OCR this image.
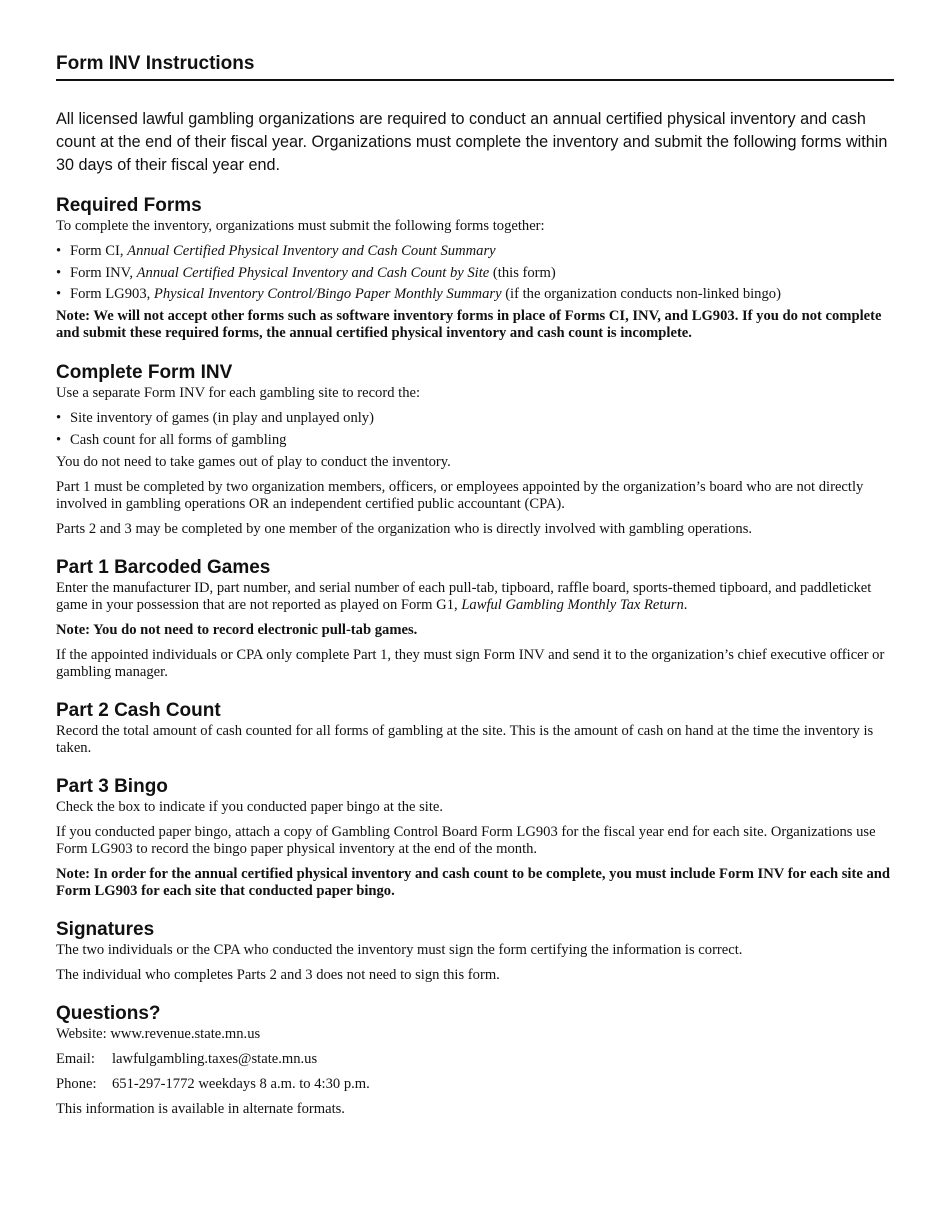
Form INV Instructions
All licensed lawful gambling organizations are required to conduct an annual certified physical inventory and cash count at the end of their fiscal year. Organizations must complete the inventory and submit the following forms within 30 days of their fiscal year end.
Required Forms

To complete the inventory, organizations must submit the following forms together:

• Form CI, Annual Certified Physical Inventory and Cash Count Summary
• Form INV, Annual Certified Physical Inventory and Cash Count by Site (this form)
• Form LG903, Physical Inventory Control/Bingo Paper Monthly Summary (if the organization conducts non-linked bingo)

Note: We will not accept other forms such as software inventory forms in place of Forms CI, INV, and LG903. If you do not complete and submit these required forms, the annual certified physical inventory and cash count is incomplete.

Complete Form INV

Use a separate Form INV for each gambling site to record the:

• Site inventory of games (in play and unplayed only)
• Cash count for all forms of gambling

You do not need to take games out of play to conduct the inventory.

Part 1 must be completed by two organization members, officers, or employees appointed by the organization’s board who are not directly involved in gambling operations OR an independent certified public accountant (CPA).

Parts 2 and 3 may be completed by one member of the organization who is directly involved with gambling operations.

Part 1 Barcoded Games

Enter the manufacturer ID, part number, and serial number of each pull-tab, tipboard, raffle board, sports-themed tipboard, and paddleticket game in your possession that are not reported as played on Form G1, Lawful Gambling Monthly Tax Return.

Note: You do not need to record electronic pull-tab games.

If the appointed individuals or CPA only complete Part 1, they must sign Form INV and send it to the organization’s chief executive officer or gambling manager.

Part 2 Cash Count

Record the total amount of cash counted for all forms of gambling at the site. This is the amount of cash on hand at the time the inventory is taken.

Part 3 Bingo

Check the box to indicate if you conducted paper bingo at the site.

If you conducted paper bingo, attach a copy of Gambling Control Board Form LG903 for the fiscal year end for each site. Organizations use Form LG903 to record the bingo paper physical inventory at the end of the month.

Note: In order for the annual certified physical inventory and cash count to be complete, you must include Form INV for each site and Form LG903 for each site that conducted paper bingo.

Signatures

The two individuals or the CPA who conducted the inventory must sign the form certifying the information is correct.

The individual who completes Parts 2 and 3 does not need to sign this form.

Questions?

Website: www.revenue.state.mn.us

Email:	lawfulgambling.taxes@state.mn.us

Phone:	651-297-1772 weekdays 8 a.m. to 4:30 p.m.

This information is available in alternate formats.
